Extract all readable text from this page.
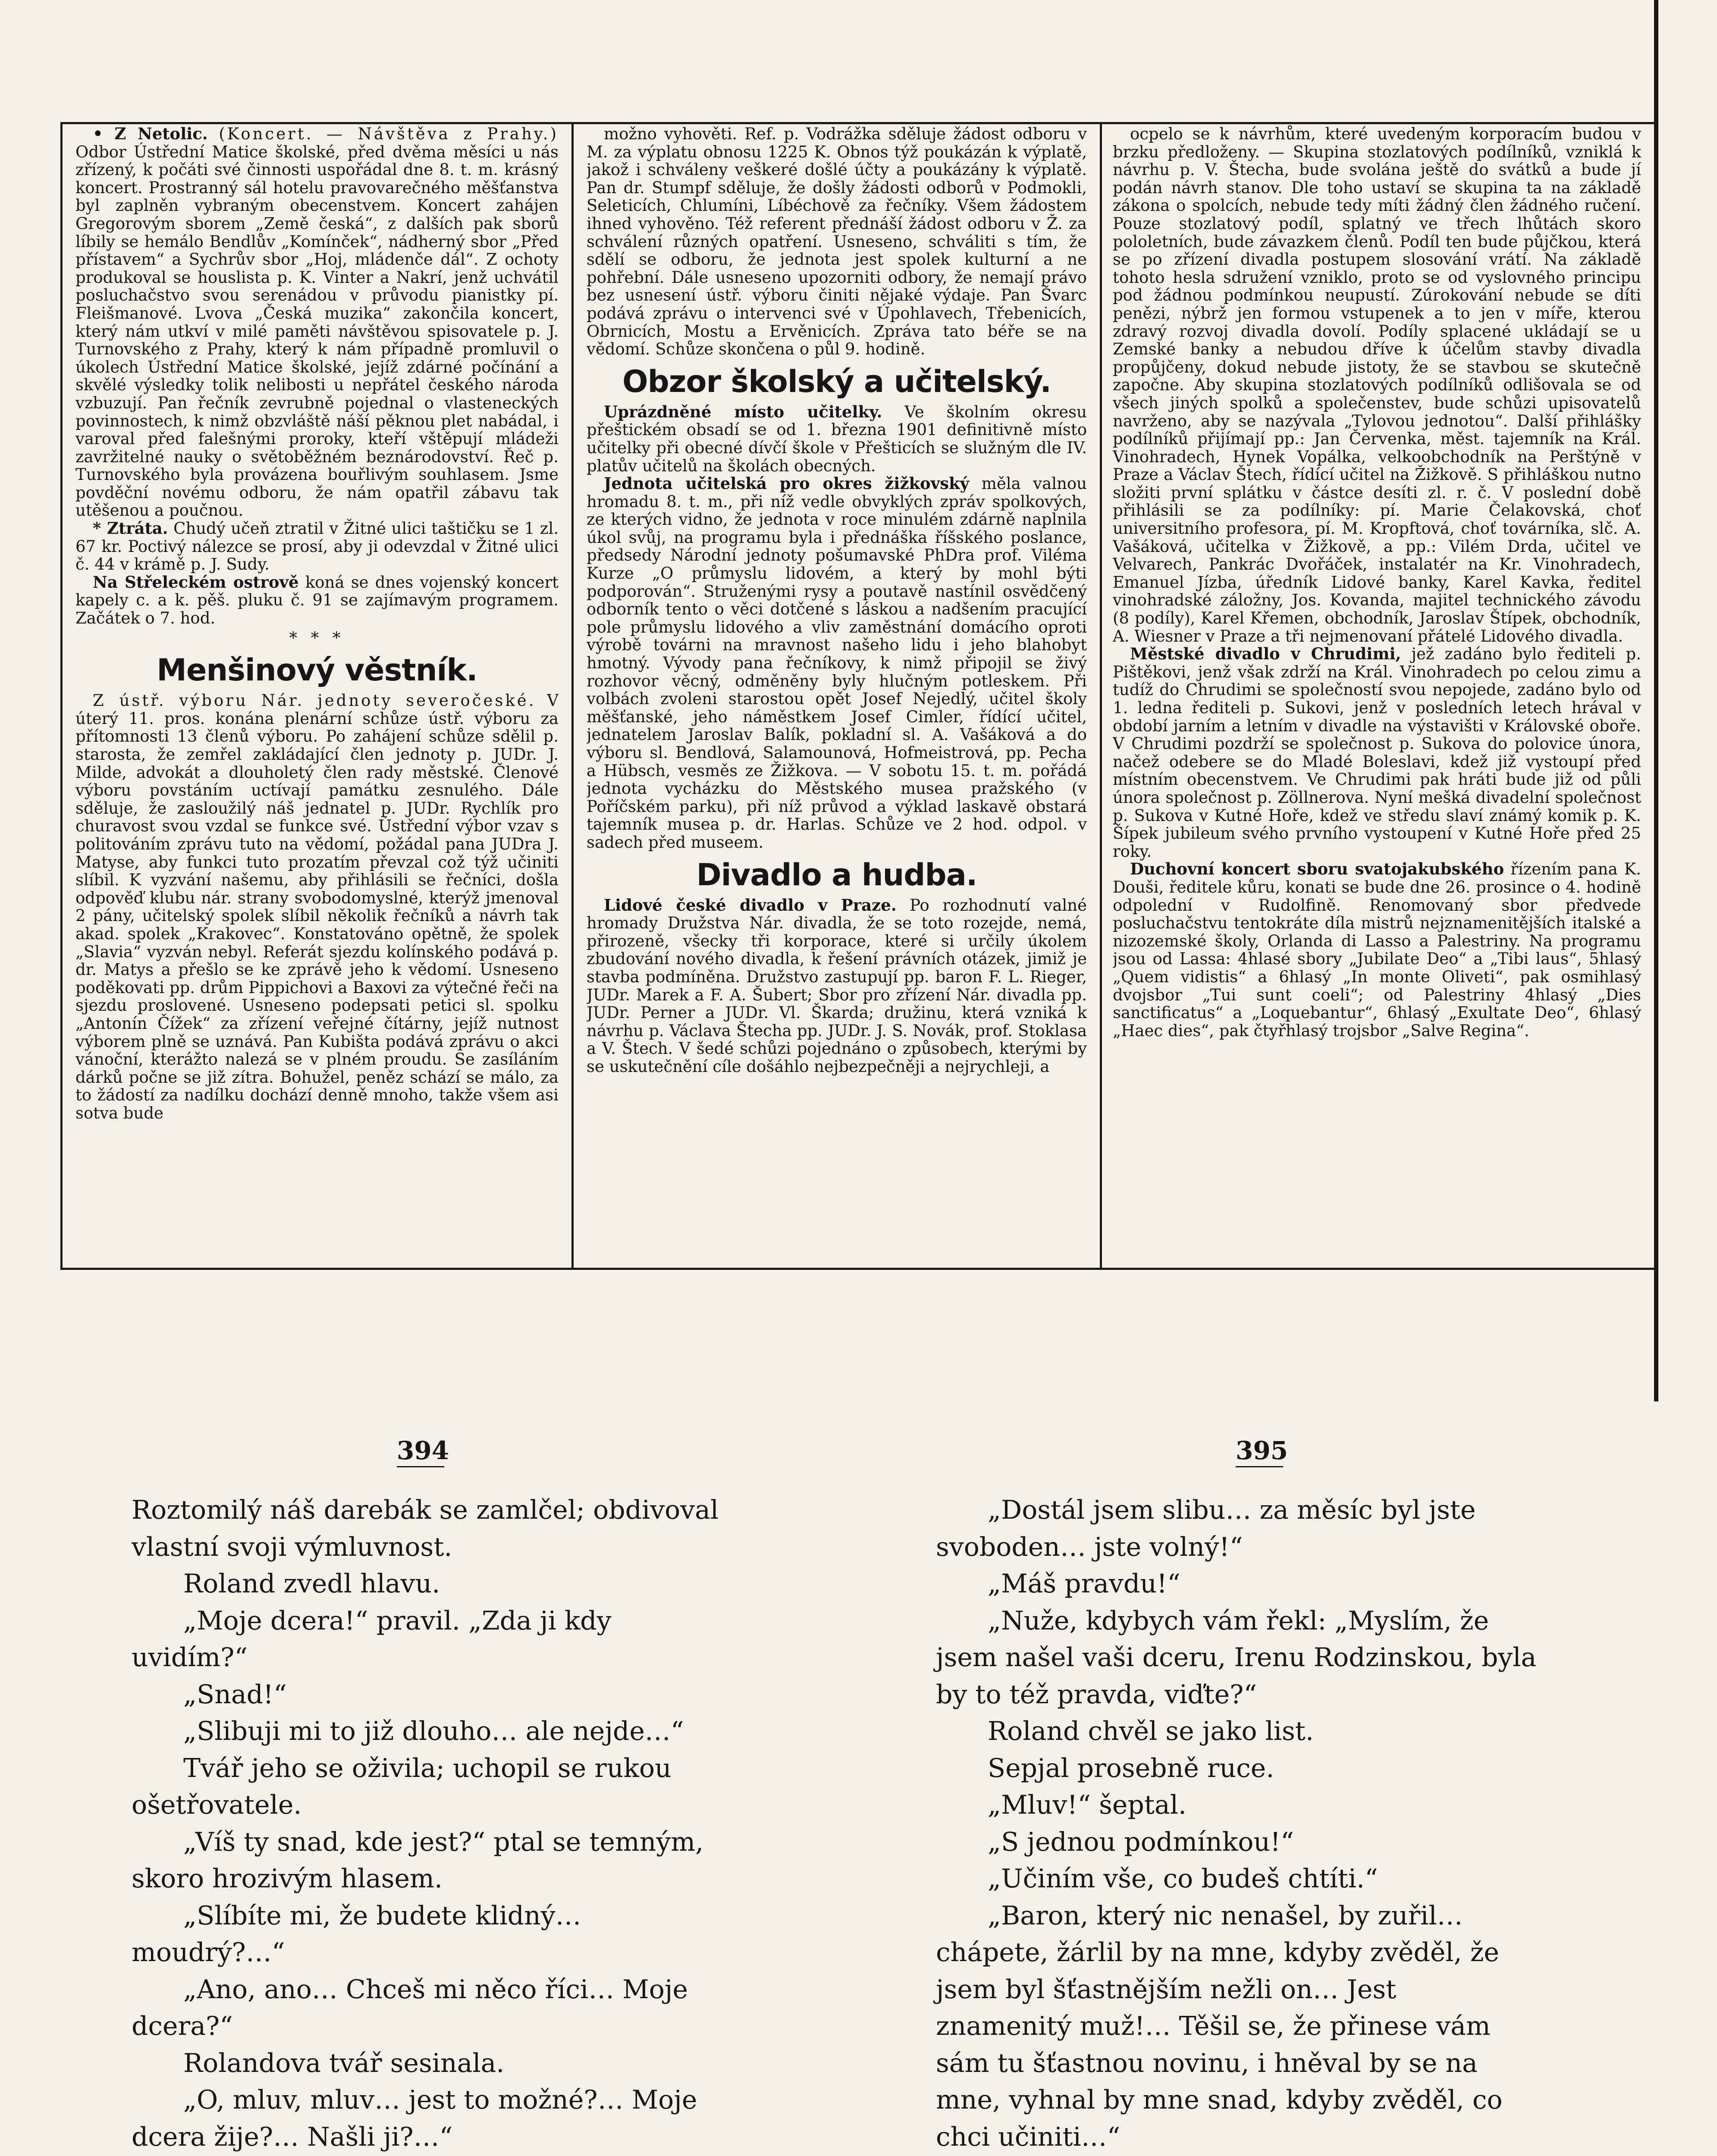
• Z Netolic. (Koncert. — Návštěva z Prahy.) Odbor Ústřední Matice školské, před dvěma měsíci u nás zřízený, k počáti své činnosti uspořádal dne 8. t. m. krásný koncert. Prostranný sál hotelu pravovarečného měšťanstva byl zaplněn vybraným obecenstvem. Koncert zahájen Gregorovým sborem „Země česká“, z dalších pak sborů líbily se hemálo Bendlův „Komínček“, nádherný sbor „Před přístavem“ a Sychrův sbor „Hoj, mládenče dál“. Z ochoty produkoval se houslista p. K. Vinter a Nakrí, jenž uchvátil posluchačstvo svou serenádou v průvodu pianistky pí. Fleišmanové. Lvova „Česká muzika“ zakončila koncert, který nám utkví v milé paměti návštěvou spisovatele p. J. Turnovského z Prahy, který k nám případně promluvil o úkolech Ústřední Matice školské, jejíž zdárné počínání a skvělé výsledky tolik nelibosti u nepřátel českého národa vzbuzují. Pan řečník zevrubně pojednal o vlasteneckých povinnostech, k nimž obzvláště náší pěknou plet nabádal, i varoval před falešnými proroky, kteří vštěpují mládeži zavržitelné nauky o světoběžném beznárodovství. Řeč p. Turnovského byla provázena bouřlivým souhlasem. Jsme povděční novému odboru, že nám opatřil zábavu tak utěšenou a poučnou.

* Ztráta. Chudý učeň ztratil v Žitné ulici taštičku se 1 zl. 67 kr. Poctivý nálezce se prosí, aby ji odevzdal v Žitné ulici č. 44 v krámě p. J. Sudy.

Na Střeleckém ostrově koná se dnes vojenský koncert kapely c. a k. pěš. pluku č. 91 se zajímavým programem. Začátek o 7. hod.

* * *
Menšinový věstník.

Z ústř. výboru Nár. jednoty severočeské. V úterý 11. pros. konána plenární schůze ústř. výboru za přítomnosti 13 členů výboru. Po zahájení schůze sdělil p. starosta, že zemřel zakládající člen jednoty p. JUDr. J. Milde, advokát a dlouholetý člen rady městské. Členové výboru povstáním uctívají památku zesnulého. Dále sděluje, že zasloužilý náš jednatel p. JUDr. Rychlík pro churavost svou vzdal se funkce své. Ústřední výbor vzav s politováním zprávu tuto na vědomí, požádal pana JUDra J. Matyse, aby funkci tuto prozatím převzal což týž učiniti slíbil. K vyzvání našemu, aby přihlásili se řečníci, došla odpověď klubu nár. strany svobodomyslné, kterýž jmenoval 2 pány, učitelský spolek slíbil několik řečníků a návrh tak akad. spolek „Krakovec“. Konstatováno opětně, že spolek „Slavia“ vyzván nebyl. Referát sjezdu kolínského podává p. dr. Matys a přešlo se ke zprávě jeho k vědomí. Usneseno poděkovati pp. drům Pippichovi a Baxovi za výtečné řeči na sjezdu proslovené. Usneseno podepsati petici sl. spolku „Antonín Čížek“ za zřízení veřejné čítárny, jejíž nutnost výborem plně se uznává. Pan Kubišta podává zprávu o akci vánoční, kterážto nalezá se v plném proudu. Se zasíláním dárků počne se již zítra. Bohužel, peněz schází se málo, za to žádostí za nadílku dochází denně mnoho, takže všem asi sotva bude

možno vyhověti. Ref. p. Vodrážka sděluje žádost odboru v M. za výplatu obnosu 1225 K. Obnos týž poukázán k výplatě, jakož i schváleny veškeré došlé účty a poukázány k výplatě. Pan dr. Stumpf sděluje, že došly žádosti odborů v Podmokli, Seleticích, Chlumíni, Líbéchově za řečníky. Všem žádostem ihned vyhověno. Též referent přednáší žádost odboru v Ž. za schválení různých opatření. Usneseno, schváliti s tím, že sdělí se odboru, že jednota jest spolek kulturní a ne pohřební. Dále usneseno upozorniti odbory, že nemají právo bez usnesení ústř. výboru činiti nějaké výdaje. Pan Švarc podává zprávu o intervenci své v Úpohlavech, Třebenicích, Obrnicích, Mostu a Ervěnicích. Zpráva tato béře se na vědomí. Schůze skončena o půl 9. hodině.

Obzor školský a učitelský.

Uprázdněné místo učitelky. Ve školním okresu přeštickém obsadí se od 1. března 1901 definitivně místo učitelky při obecné dívčí škole v Přešticích se služným dle IV. platův učitelů na školách obecných.

Jednota učitelská pro okres žižkovský měla valnou hromadu 8. t. m., při níž vedle obvyklých zpráv spolkových, ze kterých vidno, že jednota v roce minulém zdárně naplnila úkol svůj, na programu byla i přednáška říšského poslance, předsedy Národní jednoty pošumavské PhDra prof. Viléma Kurze „O průmyslu lidovém, a který by mohl býti podporován“. Struženými rysy a poutavě nastínil osvědčený odborník tento o věci dotčené s láskou a nadšením pracující pole průmyslu lidového a vliv zaměstnání domácího oproti výrobě továrni na mravnost našeho lidu i jeho blahobyt hmotný. Vývody pana řečníkovy, k nimž připojil se živý rozhovor věcný, odměněny byly hlučným potleskem. Při volbách zvoleni starostou opět Josef Nejedlý, učitel školy měšťanské, jeho náměstkem Josef Cimler, řídící učitel, jednatelem Jaroslav Balík, pokladní sl. A. Vašáková a do výboru sl. Bendlová, Salamounová, Hofmeistrová, pp. Pecha a Hübsch, vesměs ze Žižkova. — V sobotu 15. t. m. pořádá jednota vycházku do Městského musea pražského (v Poříčském parku), při níž průvod a výklad laskavě obstará tajemník musea p. dr. Harlas. Schůze ve 2 hod. odpol. v sadech před museem.

Divadlo a hudba.

Lidové české divadlo v Praze. Po rozhodnutí valné hromady Družstva Nár. divadla, že se toto rozejde, nemá, přirozeně, všecky tři korporace, které si určily úkolem zbudování nového divadla, k řešení právních otázek, jimiž je stavba podmíněna. Družstvo zastupují pp. baron F. L. Rieger, JUDr. Marek a F. A. Šubert; Sbor pro zřízení Nár. divadla pp. JUDr. Perner a JUDr. Vl. Škarda; družinu, která vzniká k návrhu p. Václava Štecha pp. JUDr. J. S. Novák, prof. Stoklasa a V. Štech. V šedé schůzi pojednáno o způsobech, kterými by se uskutečnění cíle došáhlo nejbezpečněji a nejrychleji, a

ocpelo se k návrhům, které uvedeným korporacím budou v brzku předloženy. — Skupina stozlatových podílníků, vzniklá k návrhu p. V. Štecha, bude svolána ještě do svátků a bude jí podán návrh stanov. Dle toho ustaví se skupina ta na základě zákona o spolcích, nebude tedy míti žádný člen žádného ručení. Pouze stozlatový podíl, splatný ve třech lhůtách skoro pololetních, bude závazkem členů. Podíl ten bude půjčkou, která se po zřízení divadla postupem slosování vrátí. Na základě tohoto hesla sdružení vzniklo, proto se od vyslovného principu pod žádnou podmínkou neupustí. Zúrokování nebude se díti penězi, nýbrž jen formou vstupenek a to jen v míře, kterou zdravý rozvoj divadla dovolí. Podíly splacené ukládají se u Zemské banky a nebudou dříve k účelům stavby divadla propůjčeny, dokud nebude jistoty, že se stavbou se skutečně započne. Aby skupina stozlatových podílníků odlišovala se od všech jiných spolků a společenstev, bude schůzi upisovatelů navrženo, aby se nazývala „Tylovou jednotou“. Další přihlášky podílníků přijímají pp.: Jan Červenka, měst. tajemník na Král. Vinohradech, Hynek Vopálka, velkoobchodník na Perštýně v Praze a Václav Štech, řídící učitel na Žižkově. S přihláškou nutno složiti první splátku v částce desíti zl. r. č. V poslední době přihlásili se za podílníky: pí. Marie Čelakovská, choť universitního profesora, pí. M. Kropftová, choť továrníka, slč. A. Vašáková, učitelka v Žižkově, a pp.: Vilém Drda, učitel ve Velvarech, Pankrác Dvořáček, instalatér na Kr. Vinohradech, Emanuel Jízba, úředník Lidové banky, Karel Kavka, ředitel vinohradské záložny, Jos. Kovanda, majitel technického závodu (8 podíly), Karel Křemen, obchodník, Jaroslav Štípek, obchodník, A. Wiesner v Praze a tři nejmenovaní přátelé Lidového divadla.

Městské divadlo v Chrudimi, jež zadáno bylo řediteli p. Pištěkovi, jenž však zdrží na Král. Vinohradech po celou zimu a tudíž do Chrudimi se společností svou nepojede, zadáno bylo od 1. ledna řediteli p. Sukovi, jenž v posledních letech hrával v období jarním a letním v divadle na výstavišti v Královské oboře. V Chrudimi pozdrží se společnost p. Sukova do polovice února, načež odebere se do Mladé Boleslavi, kdež již vystoupí před místním obecenstvem. Ve Chrudimi pak hráti bude již od půli února společnost p. Zöllnerova. Nyní mešká divadelní společnost p. Sukova v Kutné Hoře, kdež ve středu slaví známý komik p. K. Šípek jubileum svého prvního vystoupení v Kutné Hoře před 25 roky.

Duchovní koncert sboru svatojakubského řízením pana K. Douši, ředitele kůru, konati se bude dne 26. prosince o 4. hodině odpolední v Rudolfině. Renomovaný sbor předvede posluchačstvu tentokráte díla mistrů nejznamenitějších italské a nizozemské školy, Orlanda di Lasso a Palestriny. Na programu jsou od Lassa: 4hlasé sbory „Jubilate Deo“ a „Tibi laus“, 5hlasý „Quem vidistis“ a 6hlasý „In monte Oliveti“, pak osmihlasý dvojsbor „Tui sunt coeli“; od Palestriny 4hlasý „Dies sanctificatus“ a „Loquebantur“, 6hlasý „Exultate Deo“, 6hlasý „Haec dies“, pak čtyřhlasý trojsbor „Salve Regina“.

394	395

Roztomilý náš darebák se zamlčel; obdivoval vlastní svoji výmluvnost.

Roland zvedl hlavu.

„Moje dcera!“ pravil. „Zda ji kdy uvidím?“

„Snad!“

„Slibuji mi to již dlouho… ale nejde…“

Tvář jeho se oživila; uchopil se rukou ošetřovatele.

„Víš ty snad, kde jest?“ ptal se temným, skoro hrozivým hlasem.

„Slíbíte mi, že budete klidný… moudrý?…“

„Ano, ano… Chceš mi něco říci… Moje dcera?“

Rolandova tvář sesinala.

„O, mluv, mluv… jest to možné?… Moje dcera žije?… Našli ji?…“

„Dostál jsem slibu… za měsíc byl jste svoboden… jste volný!“

„Máš pravdu!“

„Nuže, kdybych vám řekl: „Myslím, že jsem našel vaši dceru, Irenu Rodzinskou, byla by to též pravda, viďte?“

Roland chvěl se jako list.

Sepjal prosebně ruce.

„Mluv!“ šeptal.

„S jednou podmínkou!“

„Učiním vše, co budeš chtíti.“

„Baron, který nic nenašel, by zuřil… chápete, žárlil by na mne, kdyby zvěděl, že jsem byl šťastnějším nežli on… Jest znamenitý muž!… Těšil se, že přinese vám sám tu šťastnou novinu, i hněval by se na mne, vyhnal by mne snad, kdyby zvěděl, co chci učiniti…“
